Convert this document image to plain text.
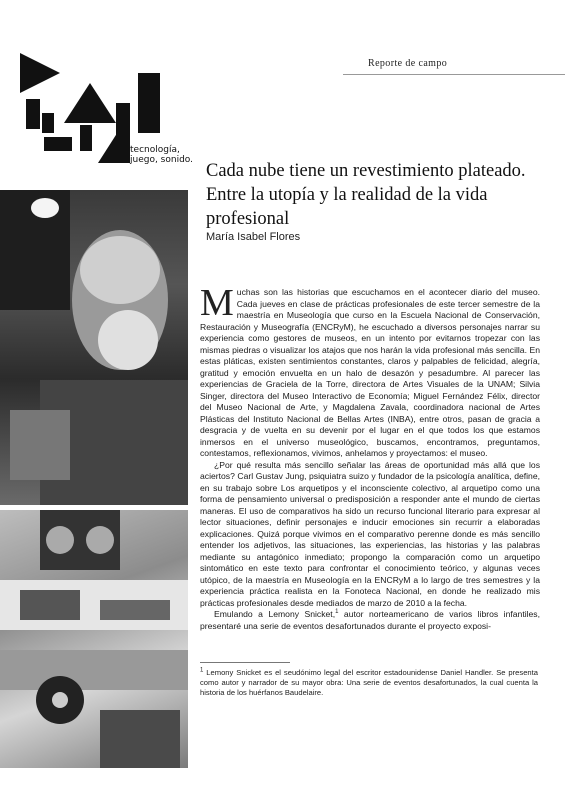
tecnología,
juego, sonido.
Reporte de campo
Cada nube tiene un revestimiento plateado. Entre la utopía y la realidad de la vida profesional
María Isabel Flores

Muchas son las historias que escuchamos en el acontecer diario del museo. Cada jueves en clase de prácticas profesionales de este tercer semestre de la maestría en Museología que curso en la Escuela Nacional de Conservación, Restauración y Museografía (ENCRyM), he escuchado a diversos personajes narrar su experiencia como gestores de museos, en un intento por evitarnos tropezar con las mismas piedras o visualizar los atajos que nos harán la vida profesional más sencilla. En estas pláticas, existen sentimientos constantes, claros y palpables de felicidad, alegría, gratitud y emoción envuelta en un halo de desazón y pesadumbre. Al parecer las experiencias de Graciela de la Torre, directora de Artes Visuales de la UNAM; Silvia Singer, directora del Museo Interactivo de Economía; Miguel Fernández Félix, director del Museo Nacional de Arte, y Magdalena Zavala, coordinadora nacional de Artes Plásticas del Instituto Nacional de Bellas Artes (INBA), entre otros, pasan de gracia a desgracia y de vuelta en su devenir por el lugar en el que todos los que estamos inmersos en el universo museológico, buscamos, encontramos, preguntamos, contestamos, reflexionamos, vivimos, anhelamos y proyectamos: el museo.

¿Por qué resulta más sencillo señalar las áreas de oportunidad más allá que los aciertos? Carl Gustav Jung, psiquiatra suizo y fundador de la psicología analítica, define, en su trabajo sobre Los arquetipos y el inconsciente colectivo, al arquetipo como una forma de pensamiento universal o predisposición a responder ante el mundo de ciertas maneras. El uso de comparativos ha sido un recurso funcional literario para expresar al lector situaciones, definir personajes e inducir emociones sin recurrir a elaboradas explicaciones. Quizá porque vivimos en el comparativo perenne donde es más sencillo entender los adjetivos, las situaciones, las experiencias, las historias y las palabras mediante su antagónico inmediato; propongo la comparación como un arquetipo sintomático en este texto para confrontar el conocimiento teórico, y algunas veces utópico, de la maestría en Museología en la ENCRyM a lo largo de tres semestres y la experiencia práctica realista en la Fonoteca Nacional, en donde he realizado mis prácticas profesionales desde mediados de marzo de 2010 a la fecha.

Emulando a Lemony Snicket,$^1$ autor norteamericano de varios libros infantiles, presentaré una serie de eventos desafortunados durante el proyecto exposi-

$^1$ Lemony Snicket es el seudónimo legal del escritor estadounidense Daniel Handler. Se presenta como autor y narrador de su mayor obra: Una serie de eventos desafortunados, la cual cuenta la historia de los huérfanos Baudelaire.
